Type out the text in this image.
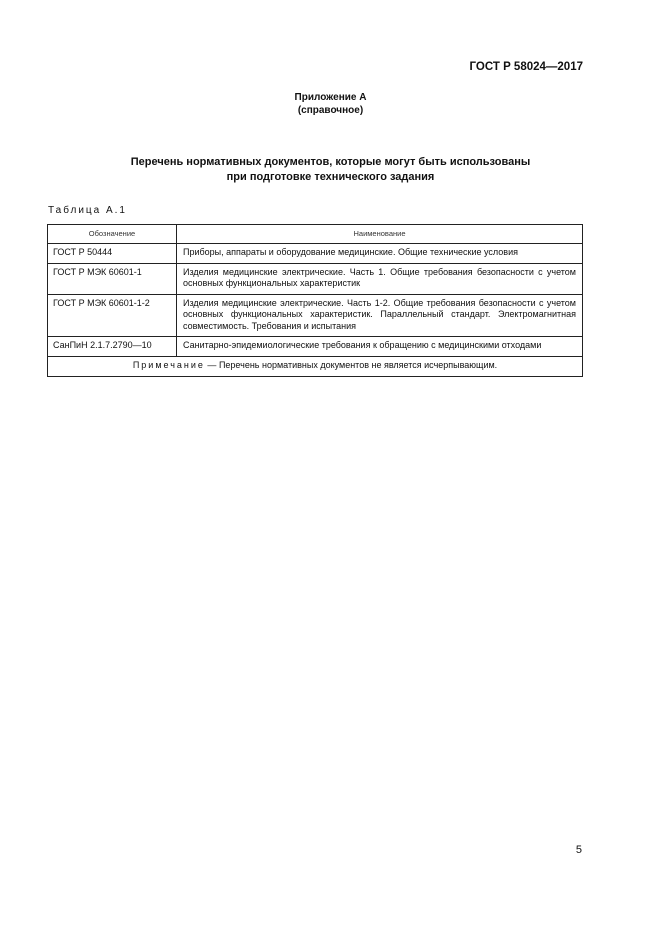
ГОСТ Р 58024—2017
Приложение А
(справочное)
Перечень нормативных документов, которые могут быть использованы
при подготовке технического задания
Таблица А.1
Обозначение	Наименование
ГОСТ Р 50444	Приборы, аппараты и оборудование медицинские. Общие технические условия
ГОСТ Р МЭК 60601-1	Изделия медицинские электрические. Часть 1. Общие требования безопасности с учетом основных функциональных характеристик
ГОСТ Р МЭК 60601-1-2	Изделия медицинские электрические. Часть 1-2. Общие требования безопасности с учетом основных функциональных характеристик. Параллельный стандарт. Электромагнитная совместимость. Требования и испытания
СанПиН 2.1.7.2790—10	Санитарно-эпидемиологические требования к обращению с медицинскими отходами
Примечание — Перечень нормативных документов не является исчерпывающим.	
5
